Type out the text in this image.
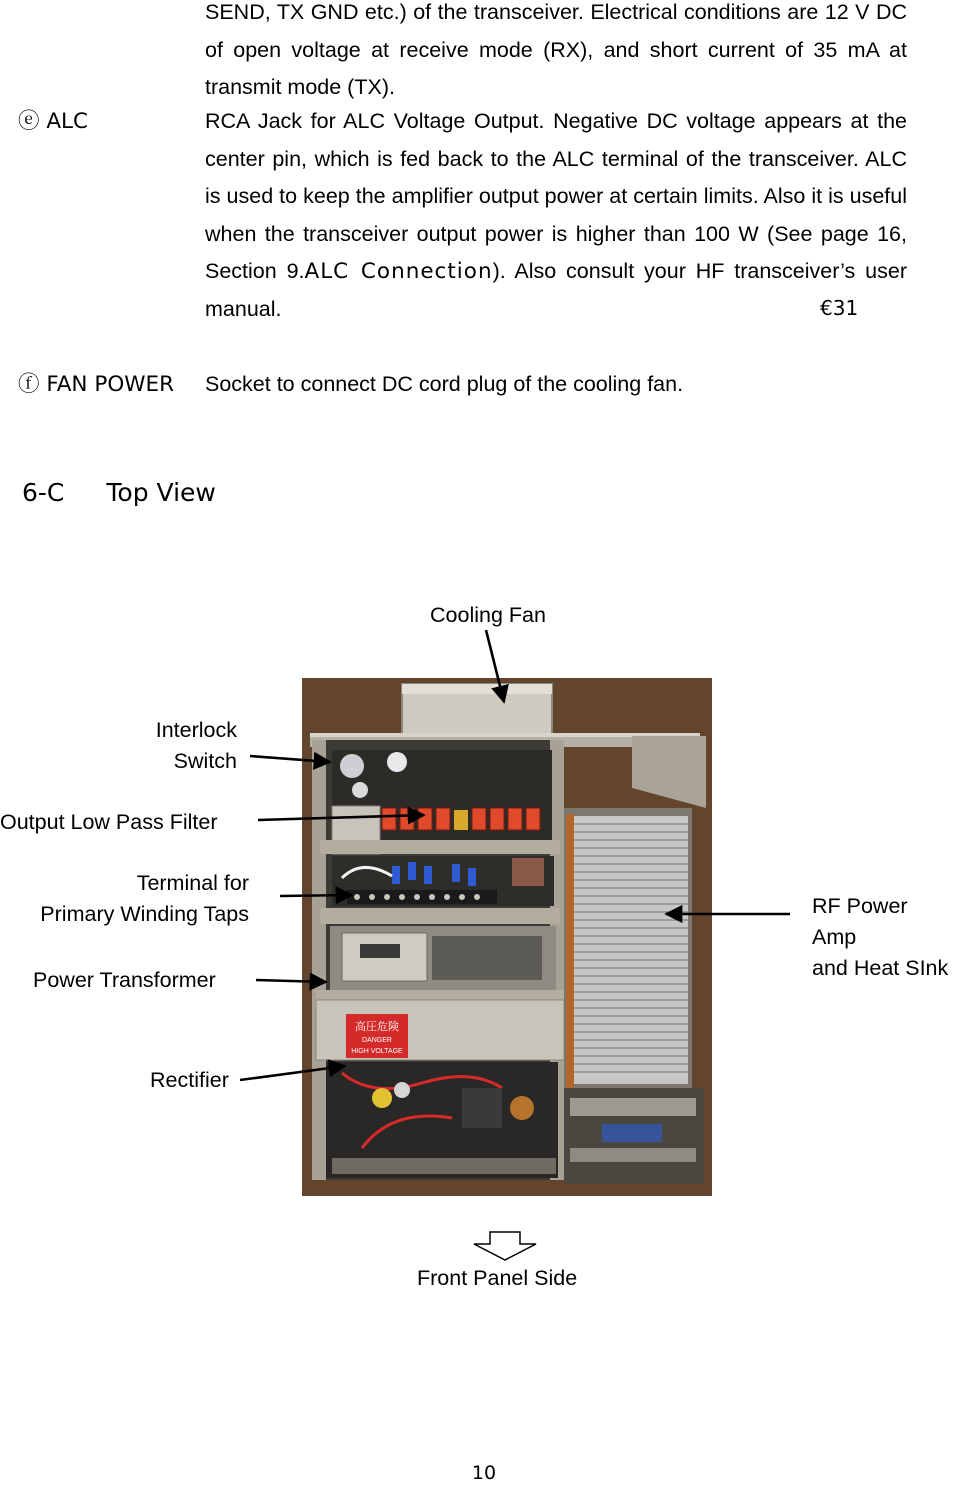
SEND, TX GND etc.) of the transceiver. Electrical conditions are 12 V DC of open voltage at receive mode (RX), and short current of 35 mA at transmit mode (TX).
ⓔ ALC	RCA Jack for ALC Voltage Output. Negative DC voltage appears at the center pin, which is fed back to the ALC terminal of the transceiver. ALC is used to keep the amplifier output power at certain limits. Also it is useful when the transceiver output power is higher than 100 W (See page 16, Section 9.ALC Connection). Also consult your HF transceiver’s user manual.	€31
ⓕ FAN POWER Socket to connect DC cord plug of the cooling fan.
6-C Top View
高圧危険
DANGER
HIGH VOLTAGE
Cooling Fan
Interlock
Switch
Output Low Pass Filter
Terminal for
Primary Winding Taps
Power Transformer
Rectifier
RF Power
Amp
and Heat SInk
Front Panel Side
10
